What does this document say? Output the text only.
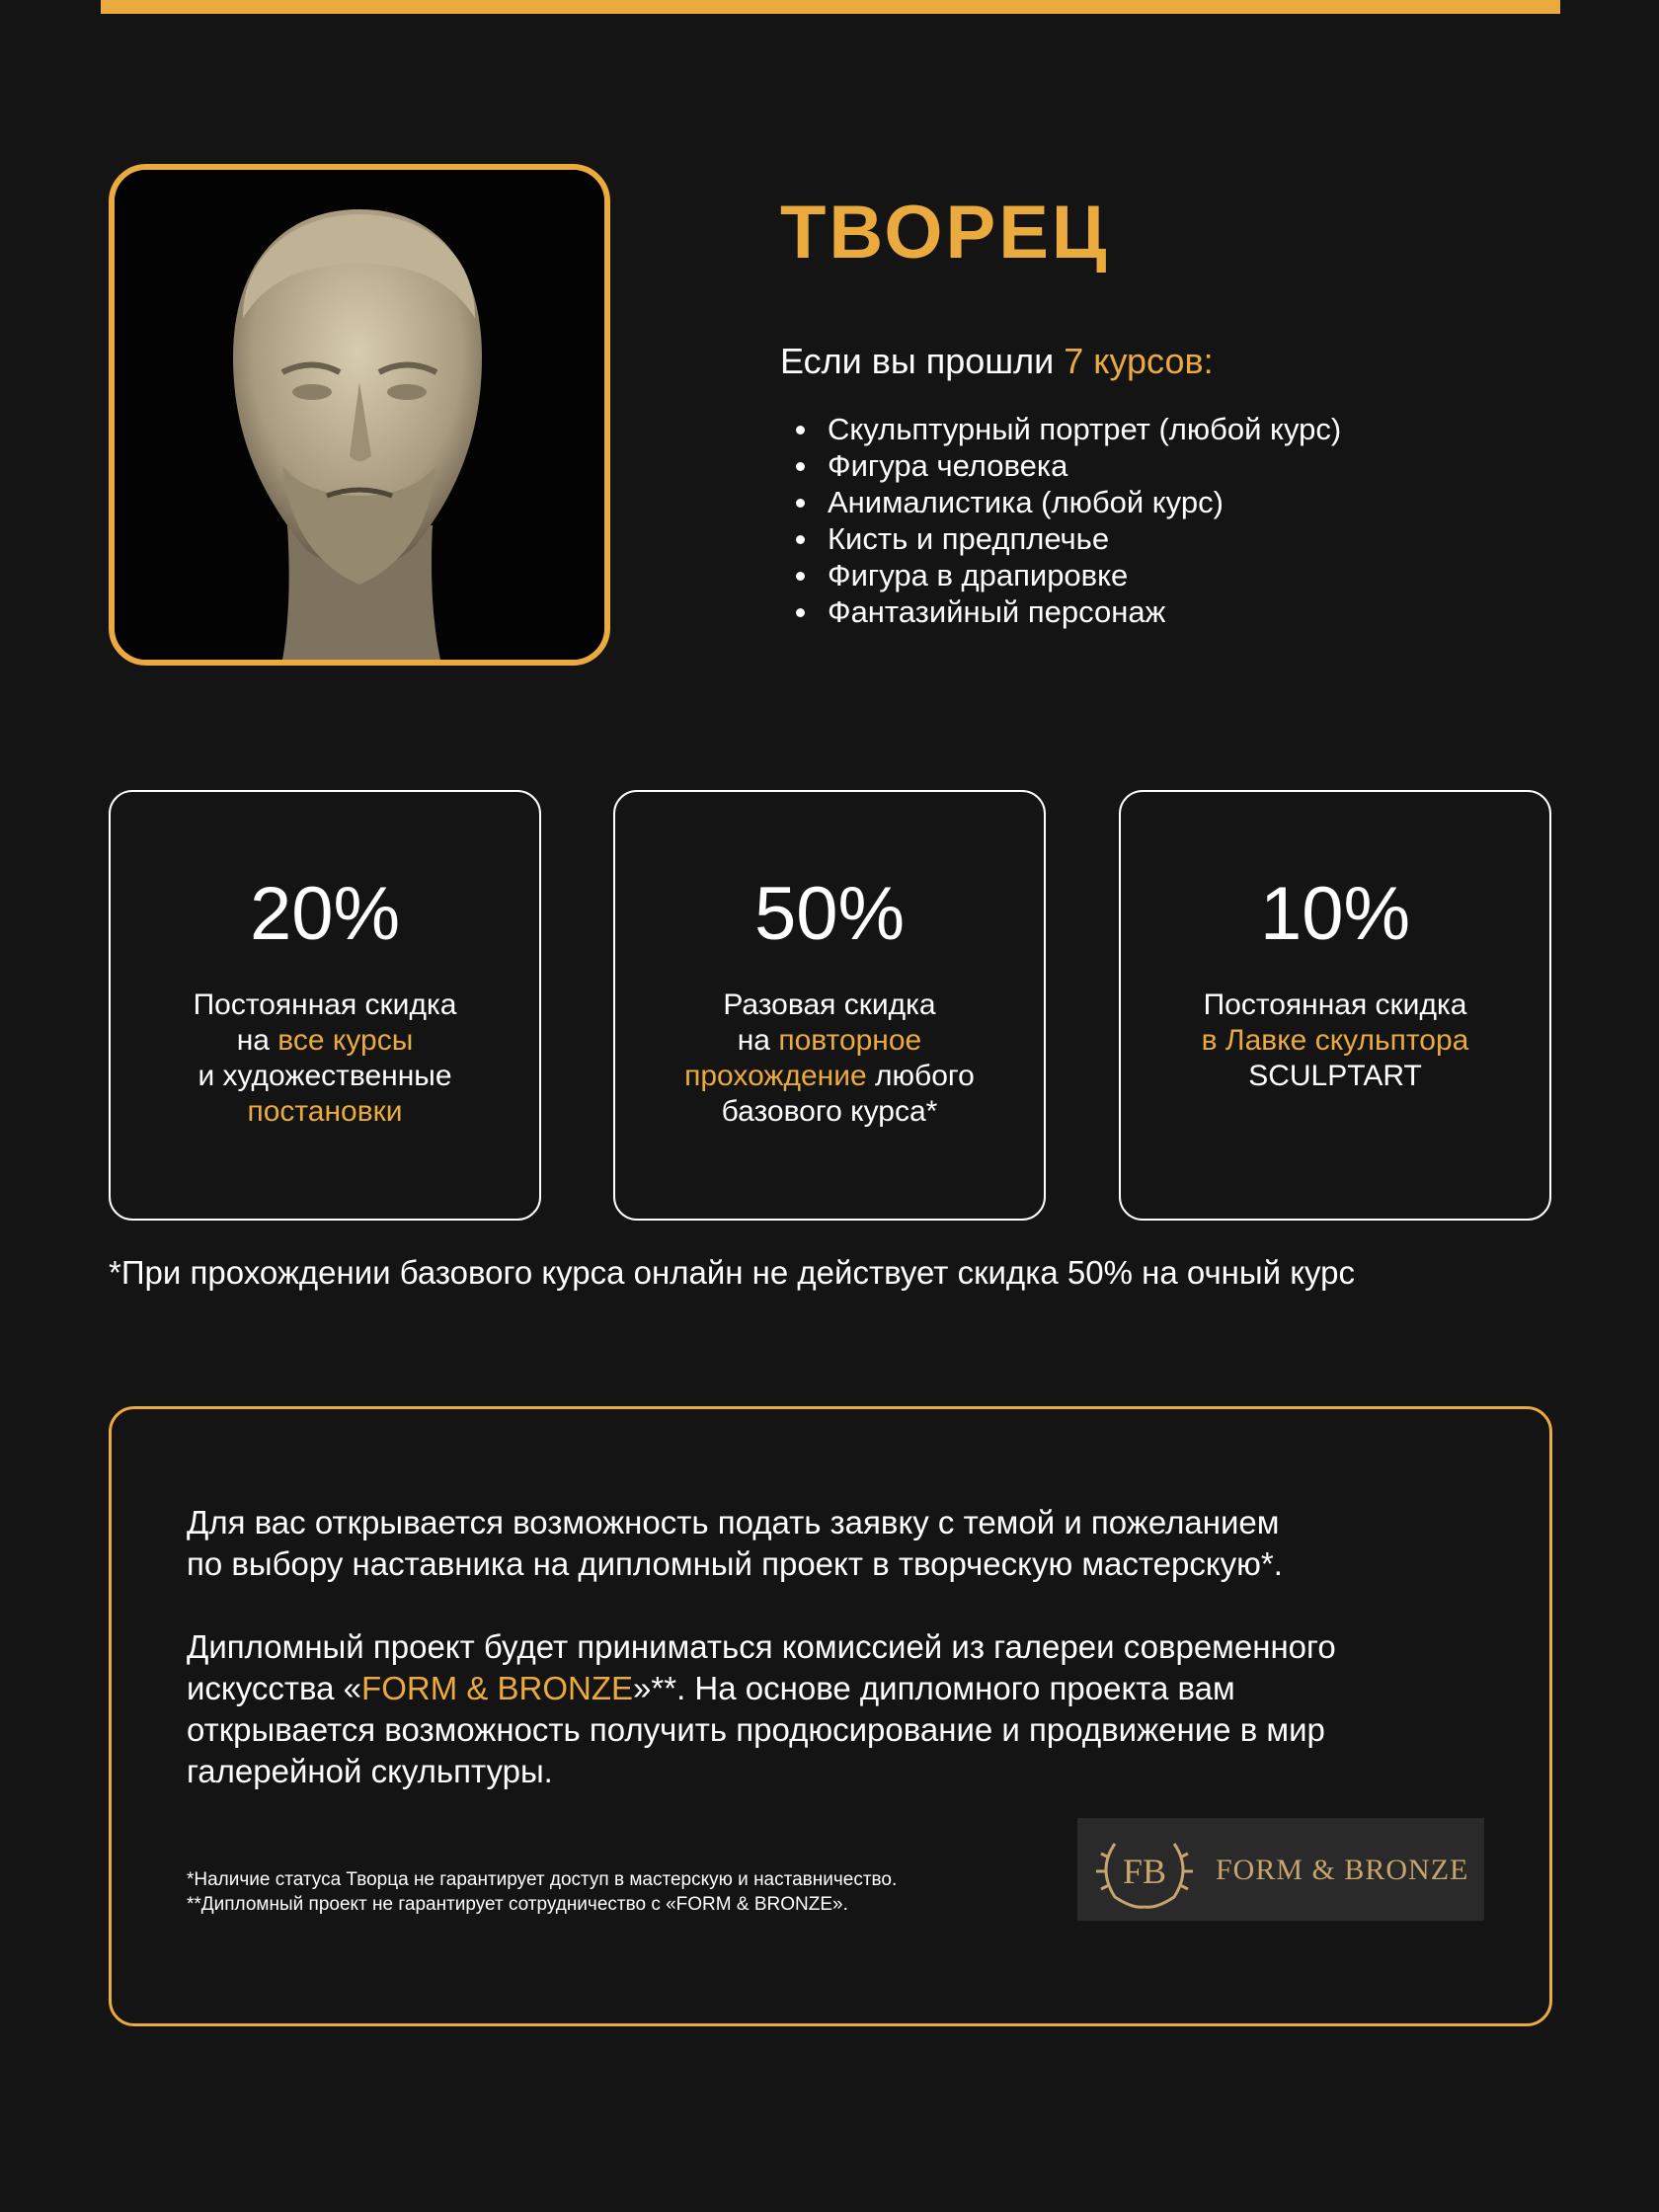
ТВОРЕЦ

Если вы прошли 7 курсов:

Скульптурный портрет (любой курс)
Фигура человека
Анималистика (любой курс)
Кисть и предплечье
Фигура в драпировке
Фантазийный персонаж
20%
Постоянная скидка
на все курсы
и художественные
постановки
50%
Разовая скидка
на повторное
прохождение любого
базового курса*
10%
Постоянная скидка
в Лавке скульптора
SCULPTART

*При прохождении базового курса онлайн не действует скидка 50% на очный курс

Для вас открывается возможность подать заявку с темой и пожеланием
по выбору наставника на дипломный проект в творческую мастерскую*.
Дипломный проект будет приниматься комиссией из галереи современного
искусства «FORM & BRONZE»**. На основе дипломного проекта вам
открывается возможность получить продюсирование и продвижение в мир
галерейной скульптуры.
*Наличие статуса Творца не гарантирует доступ в мастерскую и наставничество.
**Дипломный проект не гарантирует сотрудничество с «FORM & BRONZE».
FB FORM & BRONZE
